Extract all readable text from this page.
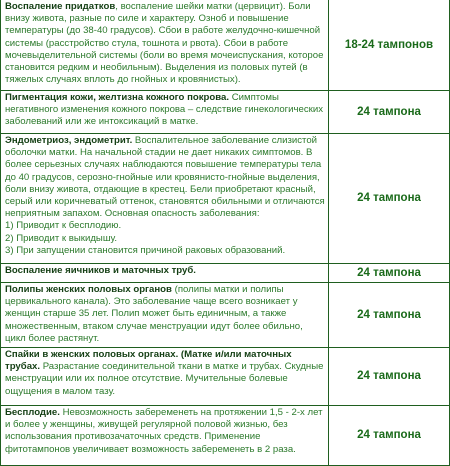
Воспаление придатков, воспаление шейки матки (цервицит). Боли внизу живота, разные по силе и характеру. Озноб и повышение температуры (до 38-40 градусов). Сбои в работе желудочно-кишечной системы (расстройство стула, тошнота и рвота). Сбои в работе мочевыделительной системы (боли во время мочеиспускания, которое становится редким и необильным). Выделения из половых путей (в тяжелых случаях вплоть до гнойных и кровянистых).	18-24 тампонов
Пигментация кожи, желтизна кожного покрова. Симптомы негативного изменения кожного покрова – следствие гинекологических заболеваний или же интоксикаций в матке.	24 тампона
Эндометриоз, эндометрит. Воспалительное заболевание слизистой оболочки матки. На начальной стадии не дает никаких симптомов. В более серьезных случаях наблюдаются повышение температуры тела до 40 градусов, серозно-гнойные или кровянисто-гнойные выделения, боли внизу живота, отдающие в крестец. Бели приобретают красный, серый или коричневатый оттенок, становятся обильными и отличаются неприятным запахом. Основная опасность заболевания:
1) Приводит к бесплодию.
2) Приводит к выкидышу.
3) При запущении становится причиной раковых образований.	24 тампона
Воспаление яичников и маточных труб.	24 тампона
Полипы женских половых органов (полипы матки и полипы цервикального канала). Это заболевание чаще всего возникает у женщин старше 35 лет. Полип может быть единичным, а также множественным, втаком случае менструации идут более обильно, цикл более растянут.	24 тампона
Спайки в женских половых органах. (Матке и/или маточных трубах. Разрастание соединительной ткани в матке и трубах. Скудные менструации или их полное отсутствие. Мучительные болевые ощущения в малом тазу.	24 тампона
Бесплодие. Невозможность забеременеть на протяжении 1,5 - 2-х лет и более у женщины, живущей регулярной половой жизнью, без использования противозачаточных средств. Применение фитотампонов увеличивает возможность забеременеть в 2 раза.	24 тампона
